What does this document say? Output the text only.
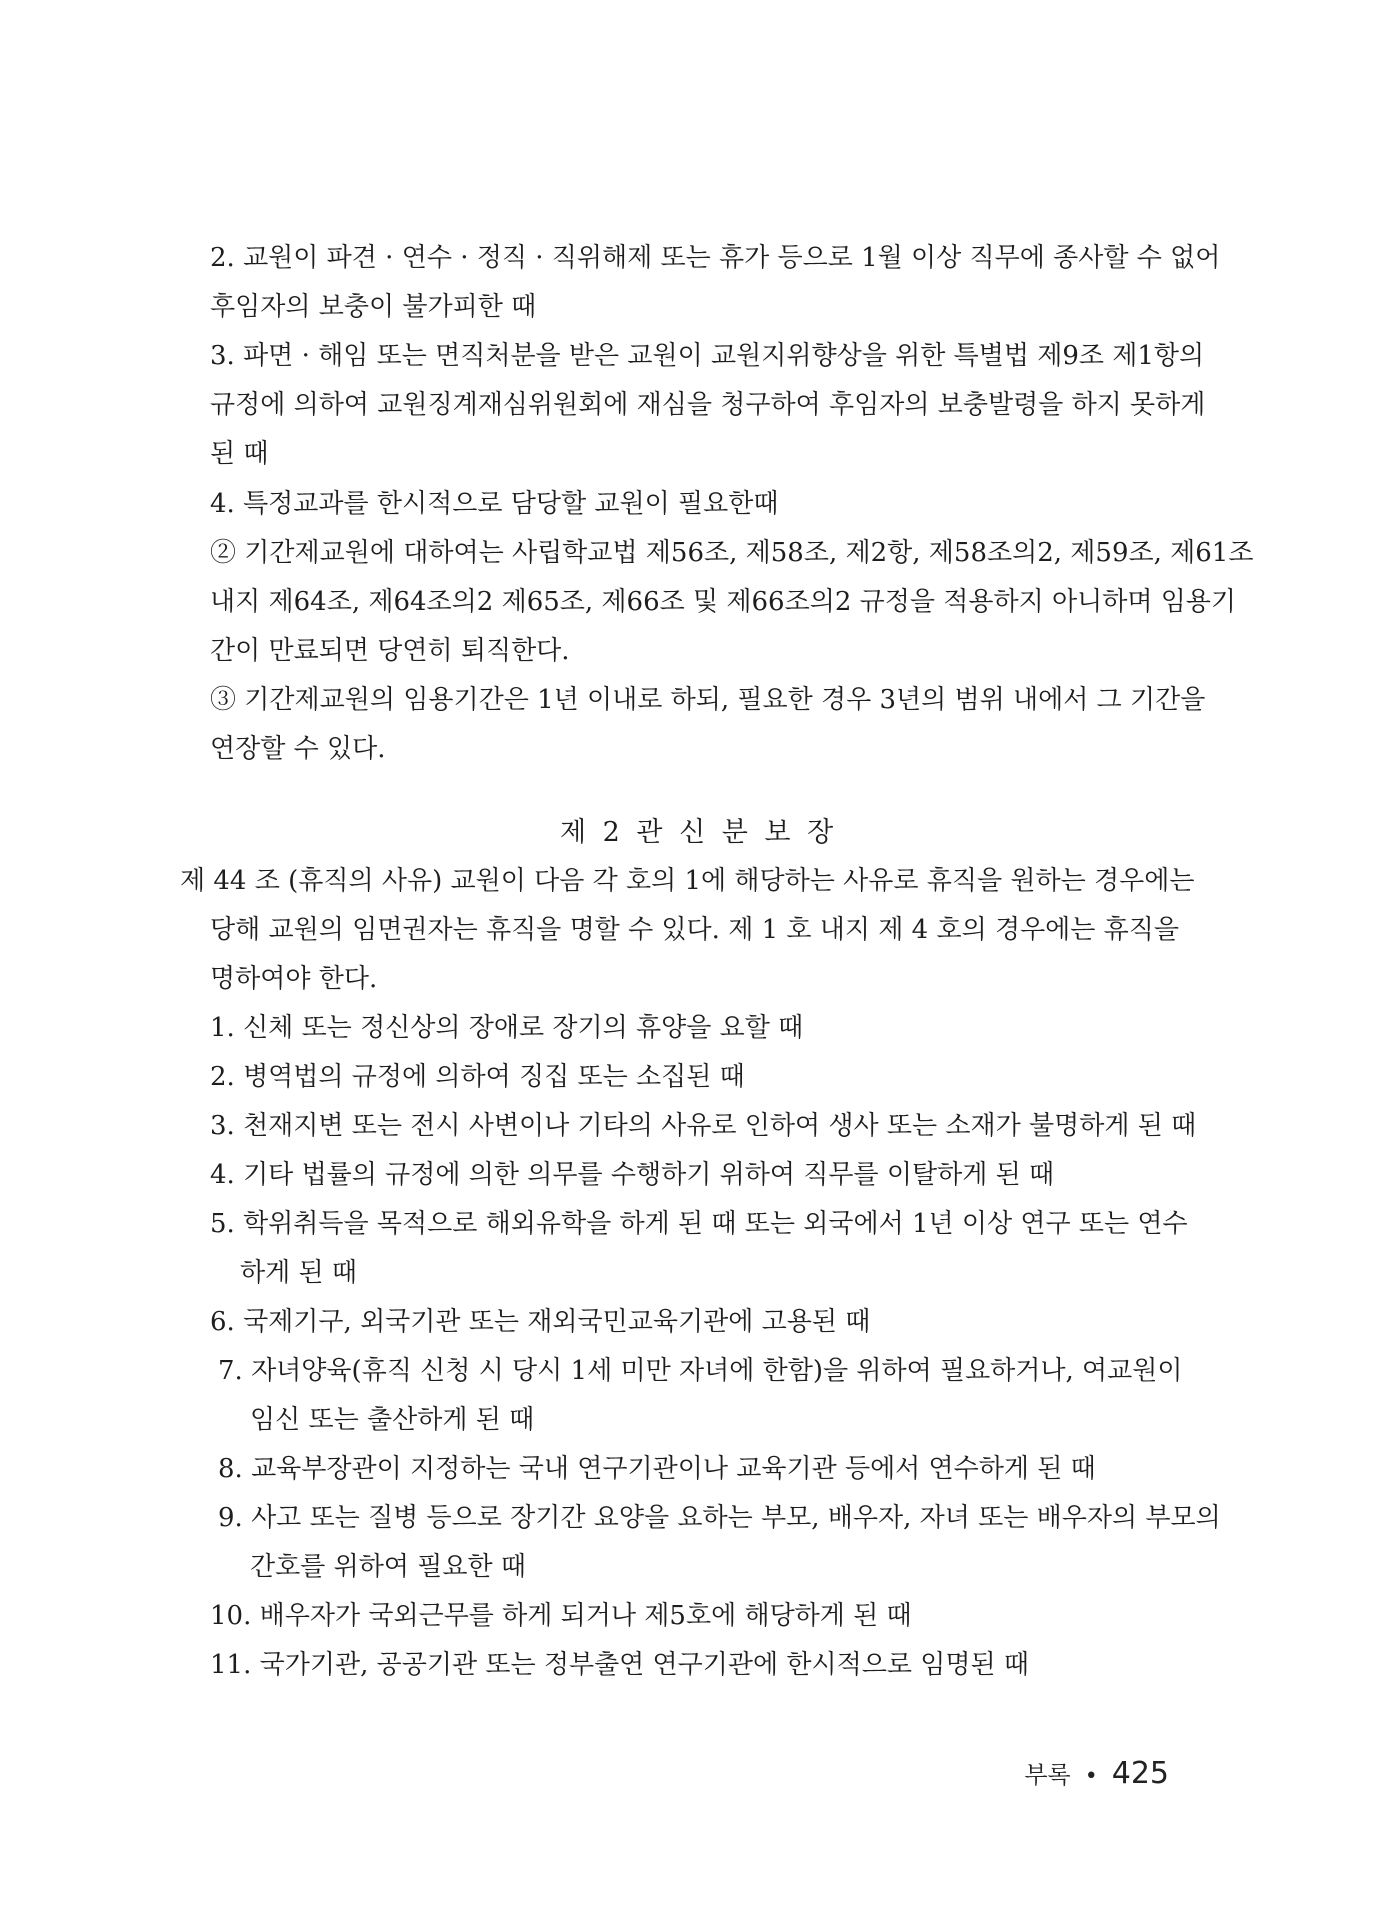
2. 교원이 파견 · 연수 · 정직 · 직위해제 또는 휴가 등으로 1월 이상 직무에 종사할 수 없어
후임자의 보충이 불가피한 때
3. 파면 · 해임 또는 면직처분을 받은 교원이 교원지위향상을 위한 특별법 제9조 제1항의
규정에 의하여 교원징계재심위원회에 재심을 청구하여 후임자의 보충발령을 하지 못하게
된 때
4. 특정교과를 한시적으로 담당할 교원이 필요한때
② 기간제교원에 대하여는 사립학교법 제56조, 제58조, 제2항, 제58조의2, 제59조, 제61조
내지 제64조, 제64조의2 제65조, 제66조 및 제66조의2 규정을 적용하지 아니하며 임용기
간이 만료되면 당연히 퇴직한다.
③ 기간제교원의 임용기간은 1년 이내로 하되, 필요한 경우 3년의 범위 내에서 그 기간을
연장할 수 있다.
제 2 관 신 분 보 장
제 44 조 (휴직의 사유) 교원이 다음 각 호의 1에 해당하는 사유로 휴직을 원하는 경우에는
당해 교원의 임면권자는 휴직을 명할 수 있다. 제 1 호 내지 제 4 호의 경우에는 휴직을
명하여야 한다.
1. 신체 또는 정신상의 장애로 장기의 휴양을 요할 때
2. 병역법의 규정에 의하여 징집 또는 소집된 때
3. 천재지변 또는 전시 사변이나 기타의 사유로 인하여 생사 또는 소재가 불명하게 된 때
4. 기타 법률의 규정에 의한 의무를 수행하기 위하여 직무를 이탈하게 된 때
5. 학위취득을 목적으로 해외유학을 하게 된 때 또는 외국에서 1년 이상 연구 또는 연수
하게 된 때
6. 국제기구, 외국기관 또는 재외국민교육기관에 고용된 때
7. 자녀양육(휴직 신청 시 당시 1세 미만 자녀에 한함)을 위하여 필요하거나, 여교원이
임신 또는 출산하게 된 때
8. 교육부장관이 지정하는 국내 연구기관이나 교육기관 등에서 연수하게 된 때
9. 사고 또는 질병 등으로 장기간 요양을 요하는 부모, 배우자, 자녀 또는 배우자의 부모의
간호를 위하여 필요한 때
10. 배우자가 국외근무를 하게 되거나 제5호에 해당하게 된 때
11. 국가기관, 공공기관 또는 정부출연 연구기관에 한시적으로 임명된 때
부록 • 425
